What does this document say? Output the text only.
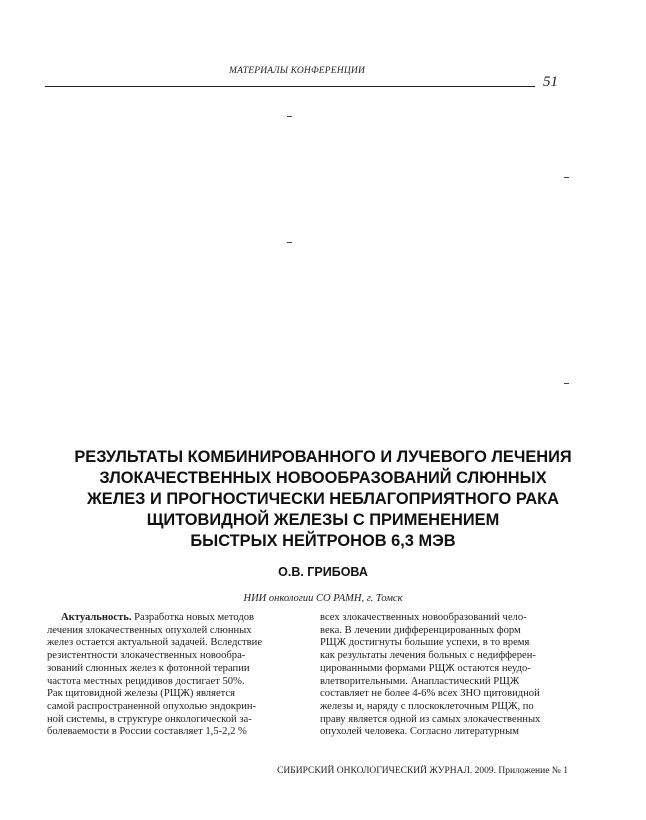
МАТЕРИАЛЫ КОНФЕРЕНЦИИ
51
РЕЗУЛЬТАТЫ КОМБИНИРОВАННОГО И ЛУЧЕВОГО ЛЕЧЕНИЯ
ЗЛОКАЧЕСТВЕННЫХ НОВООБРАЗОВАНИЙ СЛЮННЫХ
ЖЕЛЕЗ И ПРОГНОСТИЧЕСКИ НЕБЛАГОПРИЯТНОГО РАКА
ЩИТОВИДНОЙ ЖЕЛЕЗЫ С ПРИМЕНЕНИЕМ
БЫСТРЫХ НЕЙТРОНОВ 6,3 МЭВ
О.В. ГРИБОВА
НИИ онкологии СО РАМН, г. Томск
Актуальность. Разработка новых методов
лечения злокачественных опухолей слюнных
желез остается актуальной задачей. Вследствие
резистентности злокачественных новообра-
зований слюнных желез к фотонной терапии
частота местных рецидивов достигает 50%.
Рак щитовидной железы (РЩЖ) является
самой распространенной опухолью эндокрин-
ной системы, в структуре онкологической за-
болеваемости в России составляет 1,5-2,2 %
всех злокачественных новообразований чело-
века. В лечении дифференцированных форм
РЩЖ достигнуты большие успехи, в то время
как результаты лечения больных с недифферен-
цированными формами РЩЖ остаются неудо-
влетворительными. Анапластический РЩЖ
составляет не более 4-6% всех ЗНО щитовидной
железы и, наряду с плоскоклеточным РЩЖ, по
праву является одной из самых злокачественных
опухолей человека. Согласно литературным
СИБИРСКИЙ ОНКОЛОГИЧЕСКИЙ ЖУРНАЛ. 2009. Приложение № 1
